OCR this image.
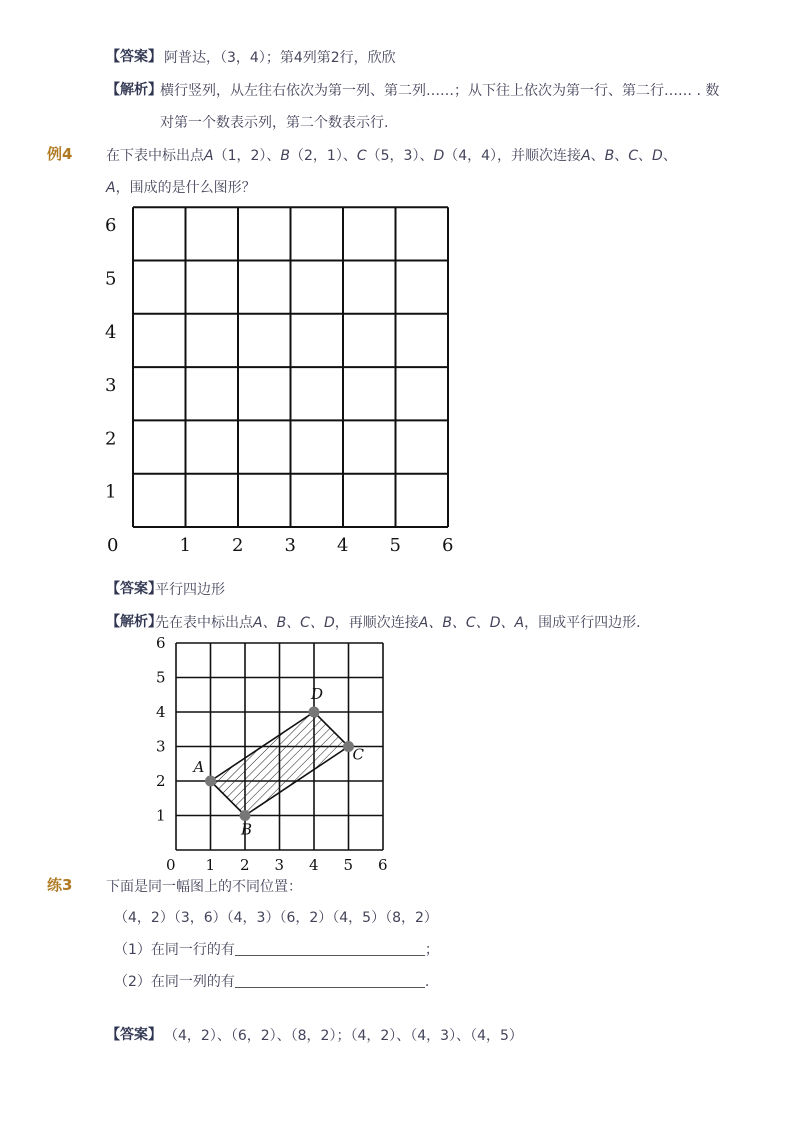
【答案】 阿普达，（3，4）；第4列第2行，欣欣
【解析】
横行竖列，从左往右依次为第一列、第二列……；从下往上依次为第一行、第二行…… . 数
对第一个数表示列，第二个数表示行.
例4 在下表中标出点A（1，2）、B（2，1）、C（5，3）、D（4，4），并顺次连接A、B、C、D、
A，围成的是什么图形？
1
2
3
4
5
6
0	1 2 3 4 5 6
【答案】
平行四边形
【解析】
先在表中标出点A、B、C、D，再顺次连接A、B、C、D、A，围成平行四边形.
1
2
3
4
5
6
0 1 2 3 4 5 6
A
B
C
D
练3 下面是同一幅图上的不同位置：
（4，2）（3，6）（4，3）（6，2）（4，5）（8，2）
（1）在同一行的有	；
（2）在同一列的有	.
【答案】 （4，2）、（6，2）、（8，2）；（4，2）、（4，3）、（4，5）
